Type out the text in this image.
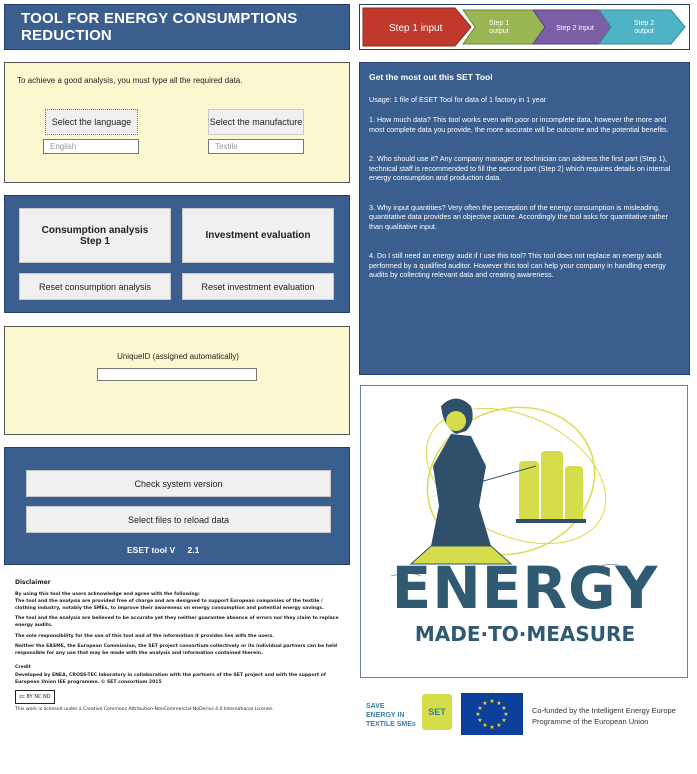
TOOL FOR ENERGY CONSUMPTIONS REDUCTION	Step 1 input	Step 1 output	Step 2 Input
Step 2 output
To achieve a good analysis, you must type all the required data.
Select the language
English
Select the manufacture
Textile
Consumption analysis
Step 1	Investment evaluation
Reset consumption analysis	Reset investment evaluation
UniqueID (assigned automatically)
Check system version
Select files to reload data
ESET tool V 2.1
Get the most out this SET Tool

Usage: 1 file of ESET Tool for data of 1 factory in 1 year

1. How much data? This tool works even with poor or incomplete data, however the more and most complete data you provide, the more accurate will be outcome and the potential benefits.

2. Who should use it? Any company manager or technician can address the first part (Step 1), technical staff is recommended to fill the second part (Step 2) which requires details on internal energy consumption and production data.

3. Why input quantities? Very often the perception of the energy consumption is misleading, quantitative data provides an objective picture. Accordingly the tool asks for quantitative rather than qualitative input.

4. Do I still need an energy audit if I use this tool? This tool does not replace an energy audit performed by a qualified auditor. However this tool can help your company in handling energy audits by collecting relevant data and creating awareness.

ENERGY
MADE·TO·MEASURE
SAVE
ENERGY IN
TEXTILE SMEs
SET
★ ★
★
★
★
★
★
★
★
★
★
★
Co-funded by the Intelligent Energy Europe
Programme of the European Union

Disclaimer

By using this tool the users acknowledge and agree with the following:

The tool and the analysis are provided free of charge and are designed to support European companies of the textile / clothing industry, notably the SMEs, to improve their awareness on energy consumption and potential energy savings.

The tool and the analysis are believed to be accurate yet they neither guarantee absence of errors nor they claim to replace energy audits.

The sole responsibility for the use of this tool and of the information it provides lies with the users.

Neither the EASME, the European Commission, the SET project consortium collectively or its individual partners can be held responsible for any use that may be made with the analysis and information contained therein.

Credit

Developed by ENEA, CROSS-TEC laboratory in collaboration with the partners of the SET project and with the support of European Union IEE programme. © SET consortium 2015

cc BY NC ND

This work is licensed under a Creative Commons Attribution-NonCommercial-NoDerivs 4.0 International License.
